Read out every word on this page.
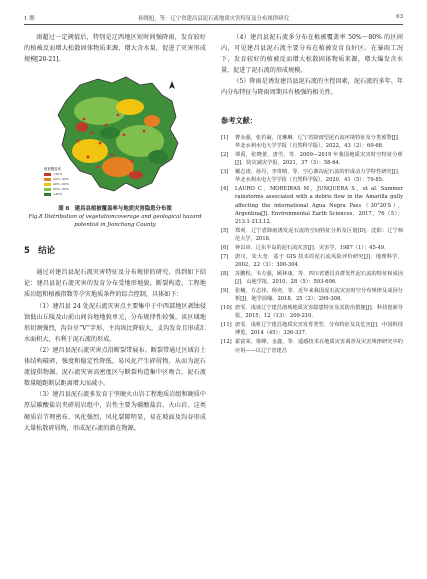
1 期	孙晓旭，等：辽宁省建昌县泥石流地质灾害特征及分布规律研究	63

雨超过一定阈值后，特别是辽西地区短时间强降雨，发育较好的植被反而增大松散固体物质来源，增大含水量，促进了灾害形成规模[20-21]。

植被覆盖率
<20%
20%~40%
40%~60%
60%~80%
>80%
图 8　建昌县植被覆盖率与地质灾害隐患分布图
Fig.8 Distribution of vegetationcoverage and geological hazard potential in Jianchang County
5　结论

通过对建昌县泥石流灾害特征及分布规律的研究，得到如下结论：建昌县泥石流灾害的发育分布受地形地貌、断裂构造、工程地质岩组和植被指数等孕灾地质条件的综合控制，具体如下：

（1）建昌县 24 处泥石流灾害点主要集中于中西部地区剥蚀侵蚀低山丘陵及山前山间谷地地貌单元，分布规律性较强。该区域地形切割强烈，沟谷呈“V”字形，主沟纵比降较大，支沟发育且形成汇水面积大，有利于泥石流的形成。

（2）建昌县泥石流灾害点沿断裂带展布。断裂带通过区域岩土体结构破碎，强度和稳定性降低，易风化产生碎屑物，从而为泥石流提供物源。泥石流灾害高密度区与断裂构造集中区吻合，泥石流数量随距断层距离增大而减小。

（3）建昌县泥石流多发育于坚硬火山岩工程地质岩组和硬质中厚层碳酸盐岩夹碎屑岩组中，岩性主要为碳酸盐岩、火山岩。这类硬质岩节理密布，风化强烈，风化裂隙明显，易在坡面及沟谷形成大量松散碎屑物，形成泥石流的潜在物源。

（4）建昌县泥石流多分布在植被覆盖率 50%～80% 的区间内，可见建昌县泥石流主要分布在植被发育良好区。在暴雨工况下，发育较好的植被反而增大松散固体物质来源，增大爆发含水量，促进了泥石流的形成规模。

（5）降雨是诱发建昌县泥石流的主控因素，泥石流的多年、年内分布特征与降雨周期具有极强的相关性。

参考文献：
[1]	曹永强，张若凝，范琳琳．辽宁省降雨型泥石流环境特征及分类预警[J]．华北水利水电大学学报（自然科学版），2022，43（2）：60-68．
[2]	谭禹，张晓蕾，唐雪，等．2009—2019 年我国地质灾害时空特征分析[J]．防灾减灾学报，2021，37（3）：58-64．
[3]	戴志涛，孙丹，李贵晴，等．空心寨沟泥石流的形成动力学特性研究[J]．华北水利水电大学学报（自然科学版），2020，41（5）：79-85．
[4]	LAURO C，MOREIRAS M，JUNQUERA S，et al. Summer rainstorms associated with a debris flow in the Amarilla gully affecting the international Agua Negra Pass（30°20′S），Argentina[J]. Environmental Earth Sciences，2017，76（5）：213.1-213.12．
[5]	郑爽．辽宁省降雨诱发泥石流的空间特征分析及区划[D]．沈阳：辽宁师范大学，2018．
[6]	钟以章．辽东半岛的泥石流灾害[J]．灾害学，1987（1）：45-49．
[7]	唐川，朱大奎．基于 GIS 技术的泥石流风险评价研究[J]．地理科学，2002，22（3）：300-304．
[8]	苏鹏程，韦方强，顾林康，等．四川省德昌县群发性泥石流的特征和成因[J]．山地学报，2010，28（5）：593-606．
[9]	张楠，方志伟，杨奕，等．近年来我国泥石流灾害时空分布规律及成因分析[J]．地学前缘，2018，25（2）：299-308．
[10] 唐雯．浅谈辽宁建昌滑坡地质灾害隐患特征及其防治措施[J]．科技创新导报，2015，12（13）：209-210．
[11] 唐雯．浅析辽宁建昌地质灾害发育类型、分布特征及其危害[J]．中国科技博览，2014（45）：336-337．
[12] 霍富荣，梁峰，金鑫，等．遥感技术在地质灾害调查及灾害规律研究中的应用——以辽宁省建昌
